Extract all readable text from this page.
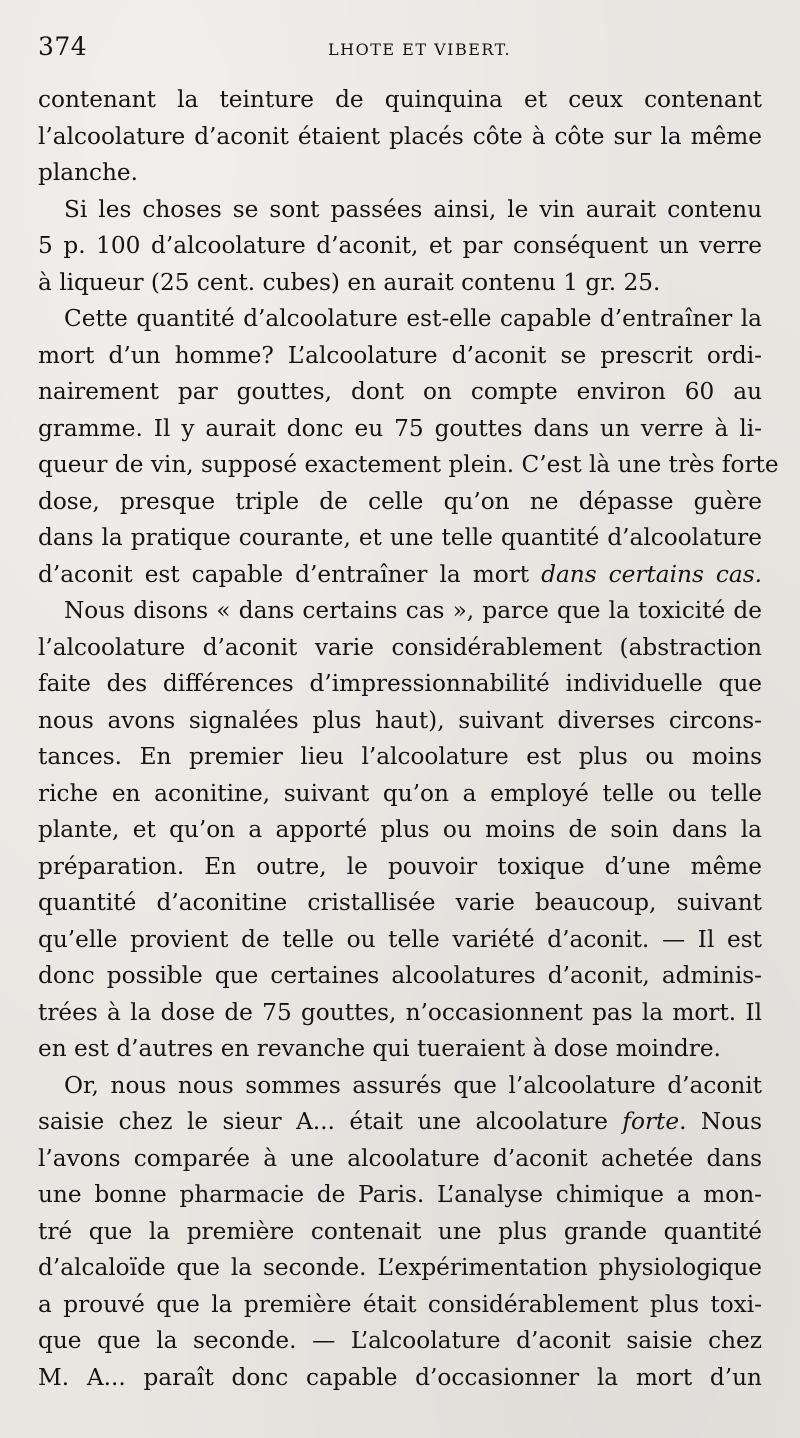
374	LHOTE ET VIBERT.
contenant la teinture de quinquina et ceux contenant
l’alcoolature d’aconit étaient placés côte à côte sur la même
planche.
Si les choses se sont passées ainsi, le vin aurait contenu
5 p. 100 d’alcoolature d’aconit, et par conséquent un verre
à liqueur (25 cent. cubes) en aurait contenu 1 gr. 25.
Cette quantité d’alcoolature est-elle capable d’entraîner la
mort d’un homme? L’alcoolature d’aconit se prescrit ordi-
nairement par gouttes, dont on compte environ 60 au
gramme. Il y aurait donc eu 75 gouttes dans un verre à li-
queur de vin, supposé exactement plein. C’est là une très forte
dose, presque triple de celle qu’on ne dépasse guère
dans la pratique courante, et une telle quantité d’alcoolature
d’aconit est capable d’entraîner la mort dans certains cas.
Nous disons « dans certains cas », parce que la toxicité de
l’alcoolature d’aconit varie considérablement (abstraction
faite des différences d’impressionnabilité individuelle que
nous avons signalées plus haut), suivant diverses circons-
tances. En premier lieu l’alcoolature est plus ou moins
riche en aconitine, suivant qu’on a employé telle ou telle
plante, et qu’on a apporté plus ou moins de soin dans la
préparation. En outre, le pouvoir toxique d’une même
quantité d’aconitine cristallisée varie beaucoup, suivant
qu’elle provient de telle ou telle variété d’aconit. — Il est
donc possible que certaines alcoolatures d’aconit, adminis-
trées à la dose de 75 gouttes, n’occasionnent pas la mort. Il
en est d’autres en revanche qui tueraient à dose moindre.
Or, nous nous sommes assurés que l’alcoolature d’aconit
saisie chez le sieur A... était une alcoolature forte. Nous
l’avons comparée à une alcoolature d’aconit achetée dans
une bonne pharmacie de Paris. L’analyse chimique a mon-
tré que la première contenait une plus grande quantité
d’alcaloïde que la seconde. L’expérimentation physiologique
a prouvé que la première était considérablement plus toxi-
que que la seconde. — L’alcoolature d’aconit saisie chez
M. A... paraît donc capable d’occasionner la mort d’un
